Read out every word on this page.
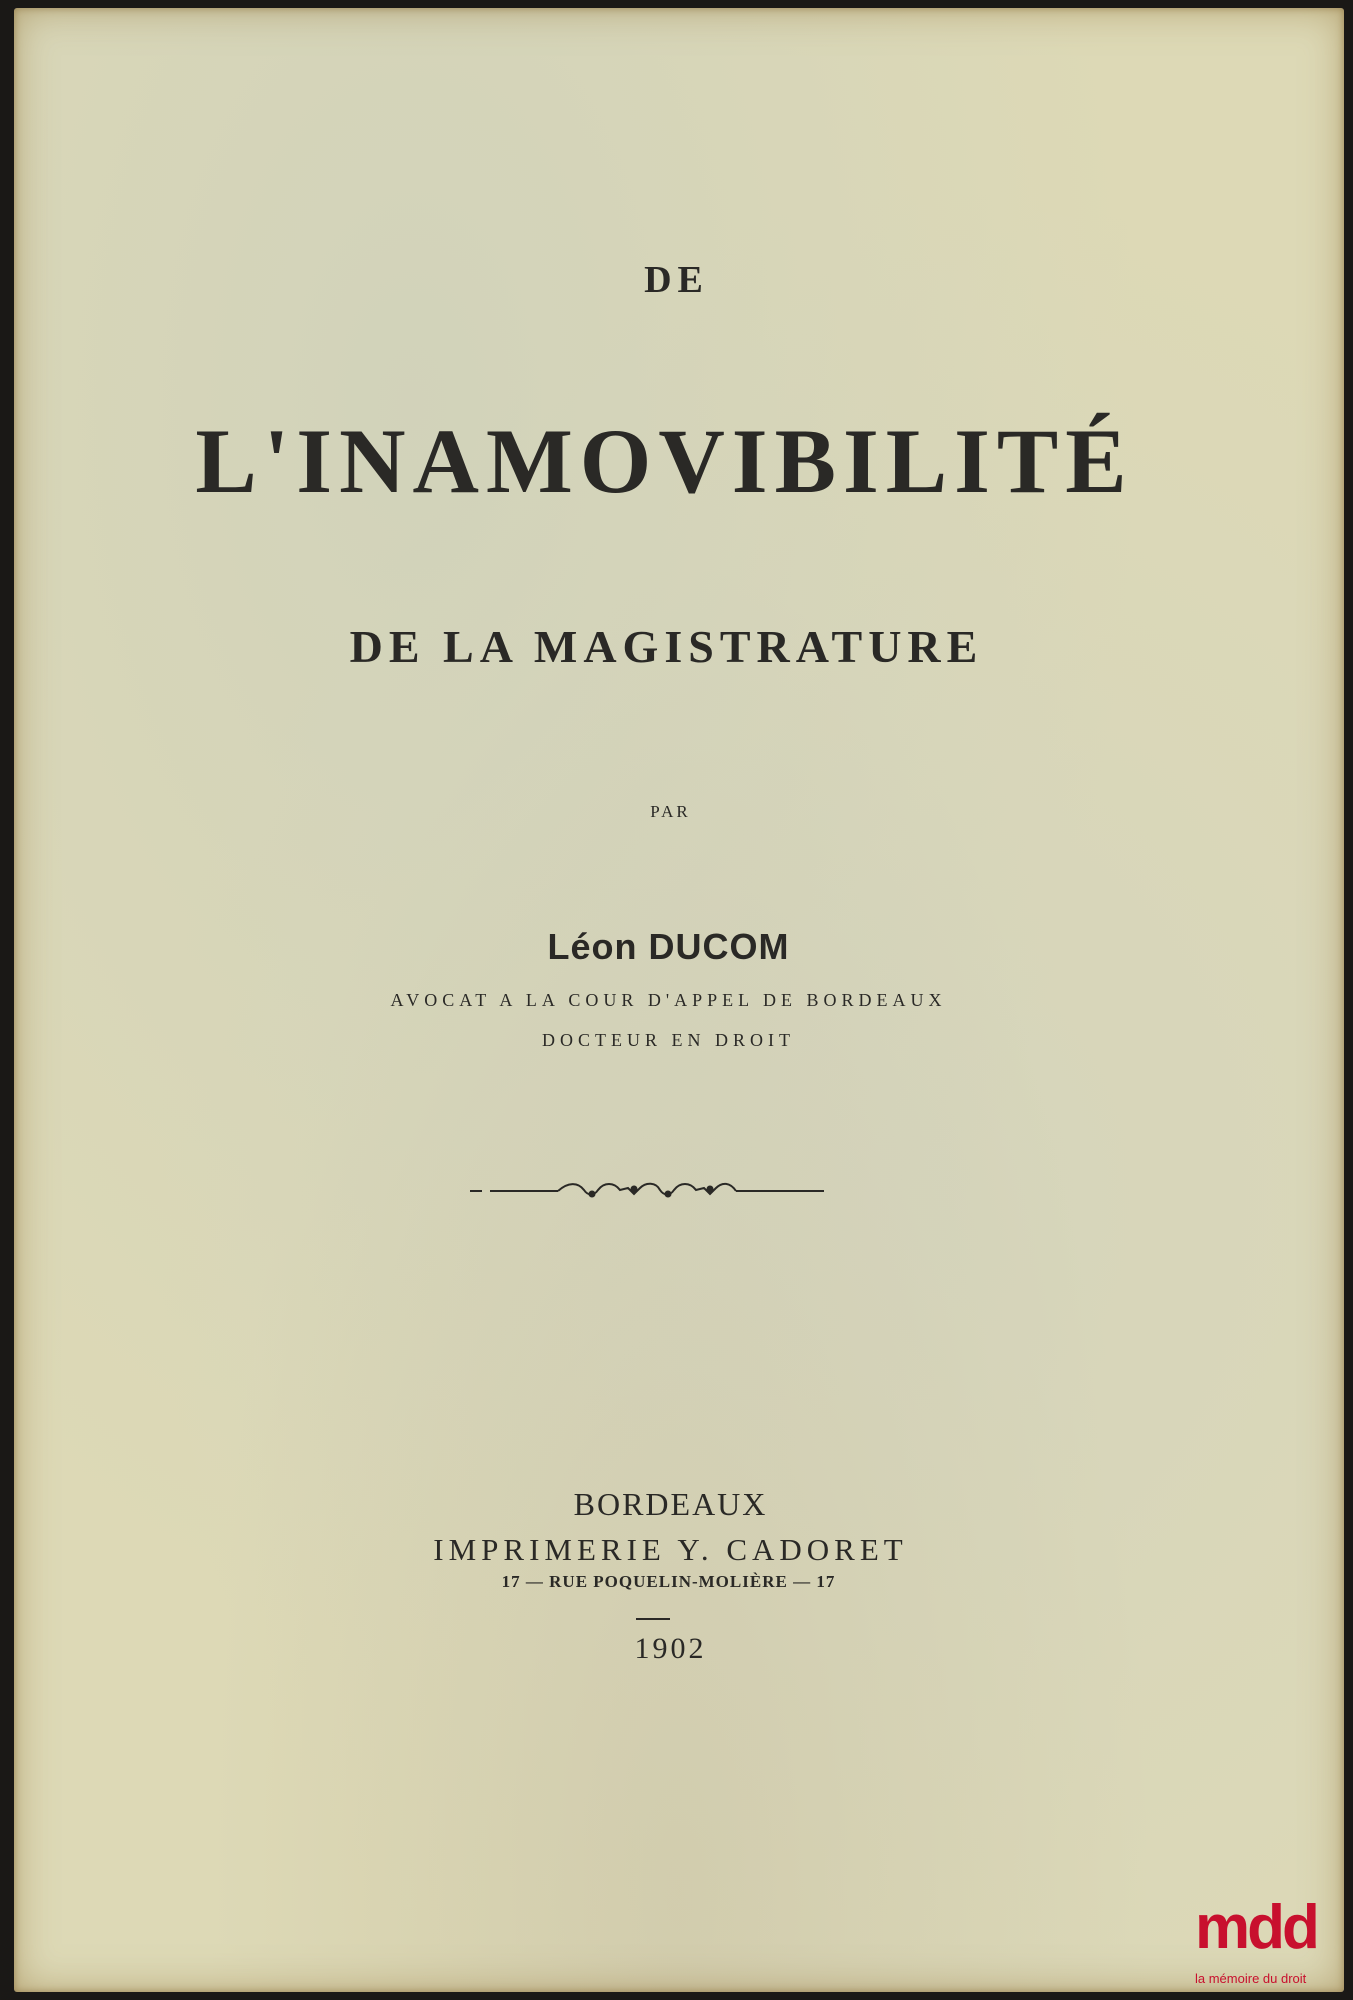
DE
L'INAMOVIBILITÉ
DE LA MAGISTRATURE
PAR
Léon DUCOM
AVOCAT A LA COUR D'APPEL DE BORDEAUX
DOCTEUR EN DROIT
BORDEAUX
IMPRIMERIE Y. CADORET
17 — RUE POQUELIN-MOLIÈRE — 17
1902
mdd
la mémoire du droit
